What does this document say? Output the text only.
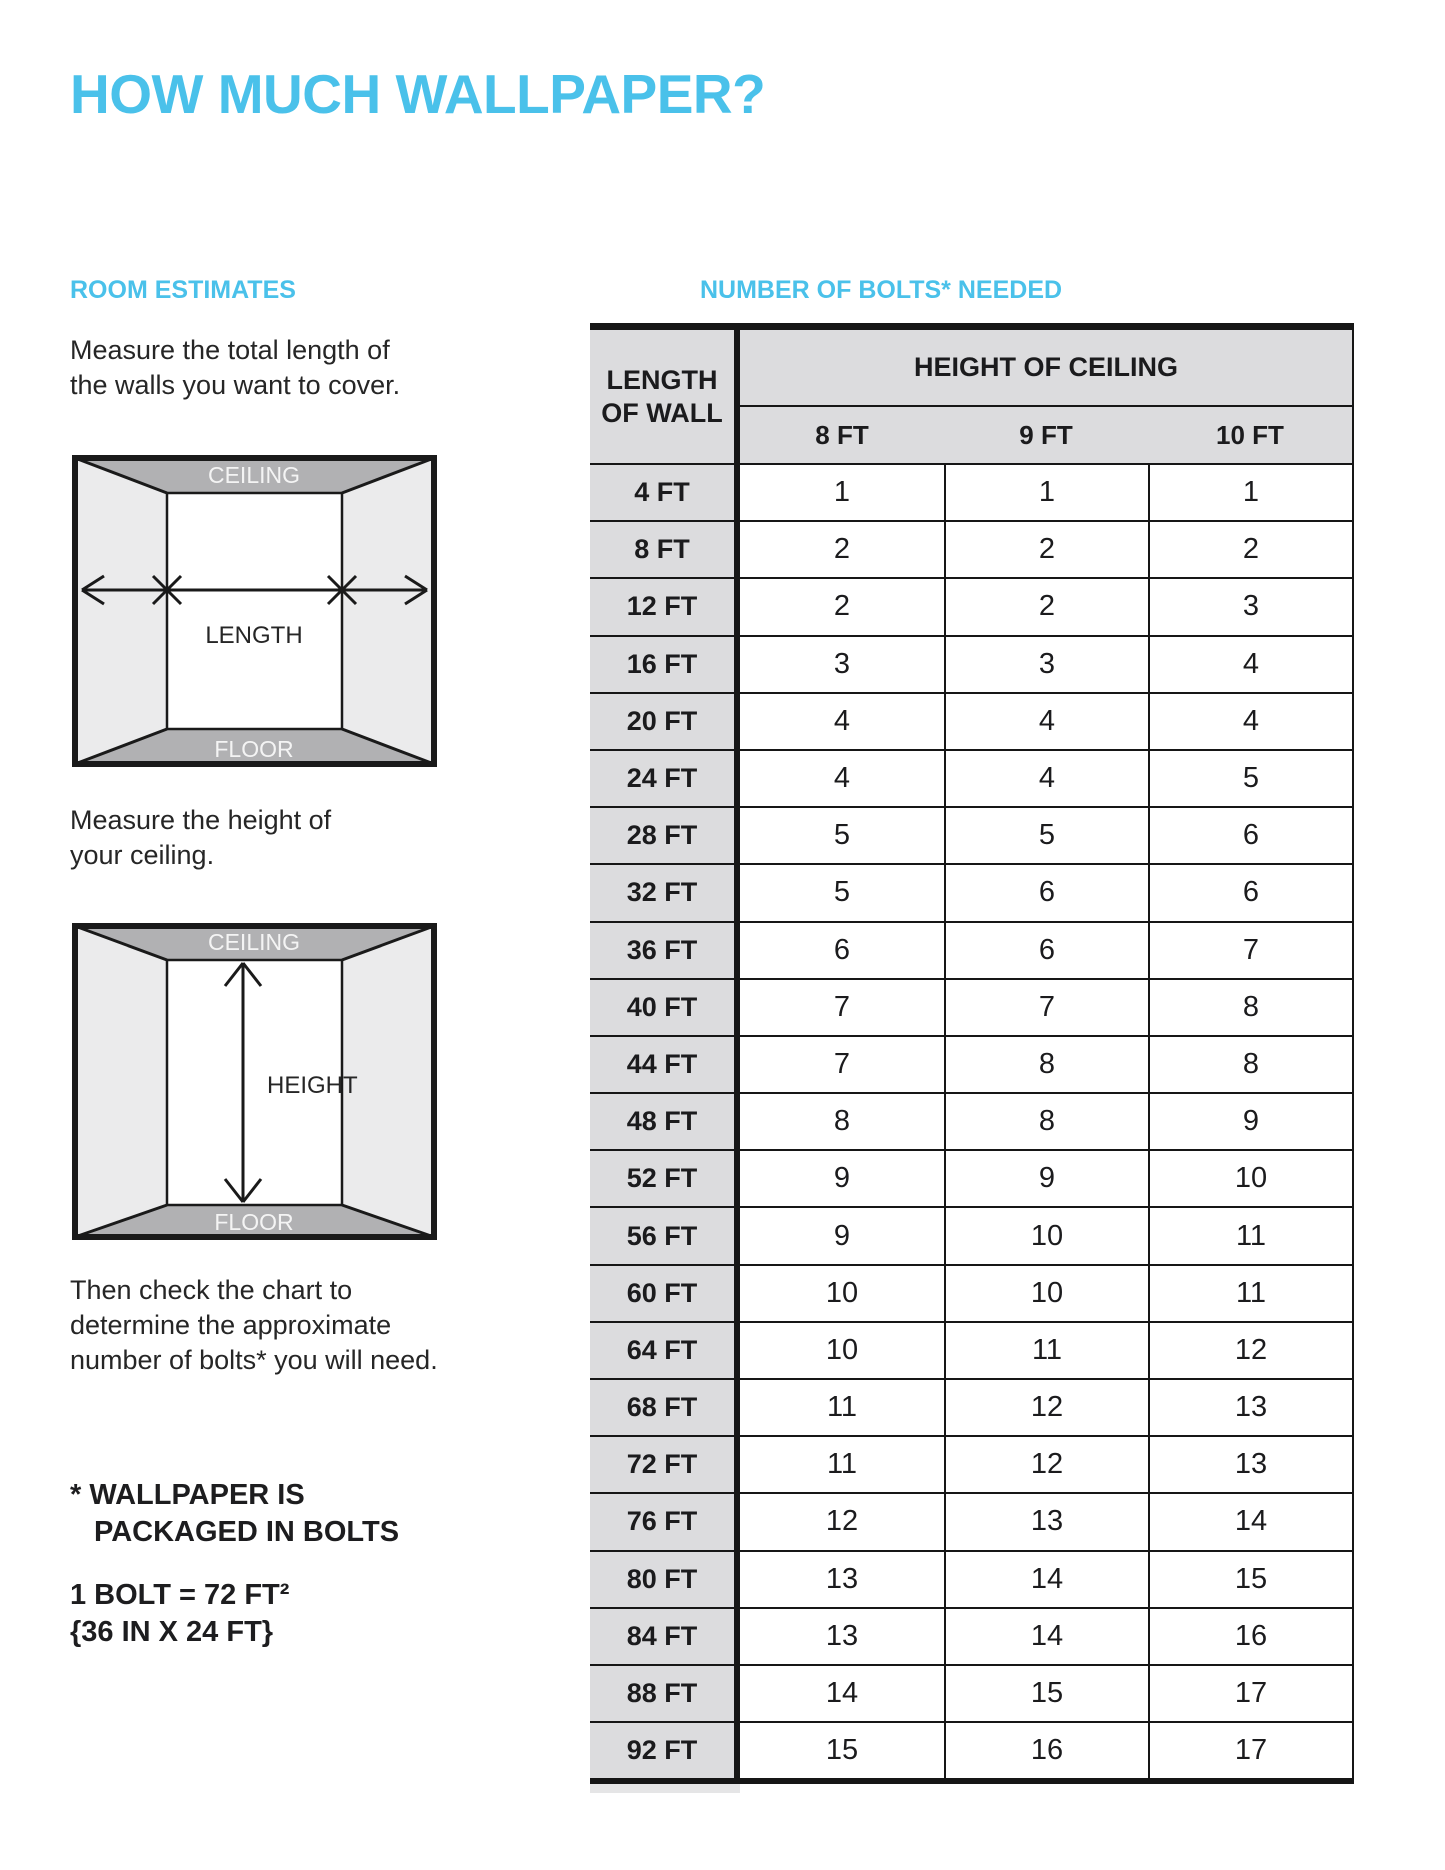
HOW MUCH WALLPAPER?
ROOM ESTIMATES	NUMBER OF BOLTS* NEEDED
Measure the total length of
the walls you want to cover.
CEILING
LENGTH
FLOOR
Measure the height of
your ceiling.
HEIGHT
CEILING
FLOOR
Then check the chart to
determine the approximate
number of bolts* you will need.
* WALLPAPER IS
PACKAGED IN BOLTS
1 BOLT = 72 FT²
{36 IN X 24 FT}
LENGTH
OF WALL
HEIGHT OF CEILING
8 FT	9 FT	10 FT
4 FT	1	1	1
8 FT	2	2	2
12 FT	2	2	3
16 FT	3	3	4
20 FT	4	4	4
24 FT	4	4	5
28 FT	5	5	6
32 FT	5	6	6
36 FT	6	6	7
40 FT	7	7	8
44 FT	7	8	8
48 FT	8	8	9
52 FT	9	9	10
56 FT	9	10	11
60 FT	10	10	11
64 FT	10	11	12
68 FT	11	12	13
72 FT	11	12	13
76 FT	12	13	14
80 FT	13	14	15
84 FT	13	14	16
88 FT	14	15	17
92 FT	15	16	17
